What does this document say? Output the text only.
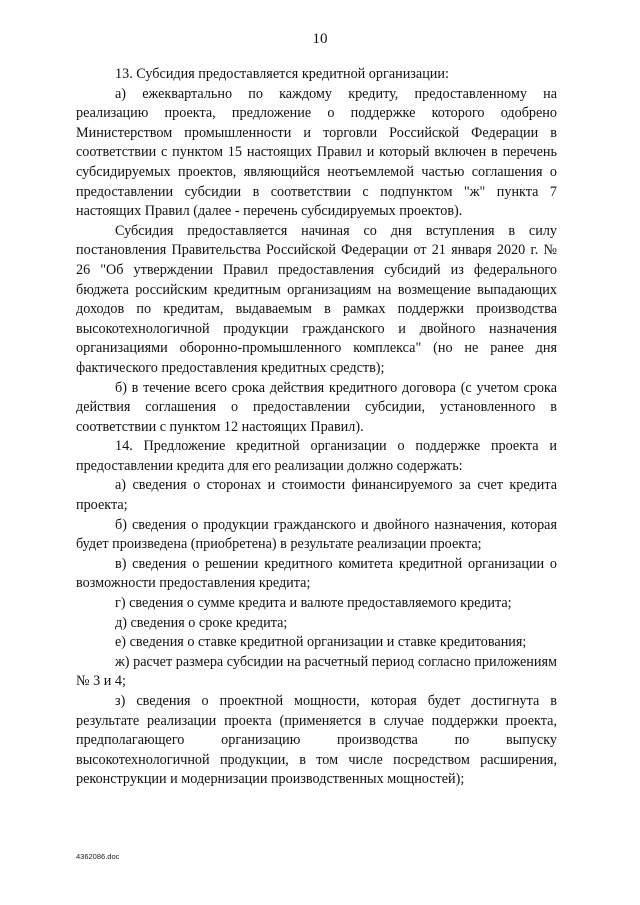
10

13. Субсидия предоставляется кредитной организации:

а) ежеквартально по каждому кредиту, предоставленному на реализацию проекта, предложение о поддержке которого одобрено Министерством промышленности и торговли Российской Федерации в соответствии с пунктом 15 настоящих Правил и который включен в перечень субсидируемых проектов, являющийся неотъемлемой частью соглашения о предоставлении субсидии в соответствии с подпунктом "ж" пункта 7 настоящих Правил (далее - перечень субсидируемых проектов).

Субсидия предоставляется начиная со дня вступления в силу постановления Правительства Российской Федерации от 21 января 2020 г. № 26 "Об утверждении Правил предоставления субсидий из федерального бюджета российским кредитным организациям на возмещение выпадающих доходов по кредитам, выдаваемым в рамках поддержки производства высокотехнологичной продукции гражданского и двойного назначения организациями оборонно-промышленного комплекса" (но не ранее дня фактического предоставления кредитных средств);

б) в течение всего срока действия кредитного договора (с учетом срока действия соглашения о предоставлении субсидии, установленного в соответствии с пунктом 12 настоящих Правил).

14. Предложение кредитной организации о поддержке проекта и предоставлении кредита для его реализации должно содержать:

а) сведения о сторонах и стоимости финансируемого за счет кредита проекта;

б) сведения о продукции гражданского и двойного назначения, которая будет произведена (приобретена) в результате реализации проекта;

в) сведения о решении кредитного комитета кредитной организации о возможности предоставления кредита;

г) сведения о сумме кредита и валюте предоставляемого кредита;

д) сведения о сроке кредита;

е) сведения о ставке кредитной организации и ставке кредитования;

ж) расчет размера субсидии на расчетный период согласно приложениям № 3 и 4;

з) сведения о проектной мощности, которая будет достигнута в результате реализации проекта (применяется в случае поддержки проекта, предполагающего организацию производства по выпуску высокотехнологичной продукции, в том числе посредством расширения, реконструкции и модернизации производственных мощностей);

4362086.doc
